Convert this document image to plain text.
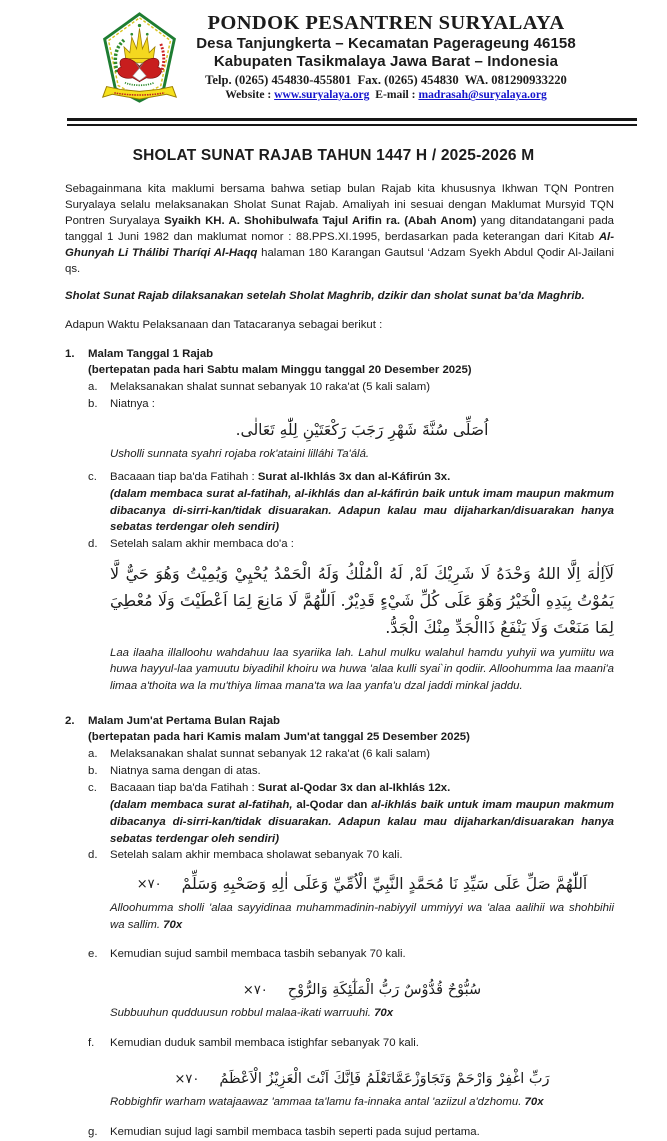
PONDOK PESANTREN SURYALAYA
Desa Tanjungkerta – Kecamatan Pagerageung 46158
Kabupaten Tasikmalaya Jawa Barat – Indonesia
Telp. (0265) 454830-455801  Fax. (0265) 454830  WA. 081290933220
Website : www.suryalaya.org  E-mail : madrasah@suryalaya.org
SHOLAT SUNAT RAJAB TAHUN 1447 H / 2025-2026 M

Sebagainmana kita maklumi bersama bahwa setiap bulan Rajab kita khususnya Ikhwan TQN Pontren Suryalaya selalu melaksanakan Sholat Sunat Rajab. Amaliyah ini sesuai dengan Maklumat Mursyid TQN Pontren Suryalaya Syaikh KH. A. Shohibulwafa Tajul Arifin ra. (Abah Anom) yang ditandatangani pada tanggal 1 Juni 1982 dan maklumat nomor : 88.PPS.XI.1995, berdasarkan pada keterangan dari Kitab Al-Ghunyah Li Thálibi Tharíqi Al-Haqq halaman 180 Karangan Gautsul ‘Adzam Syekh Abdul Qodir Al-Jailani qs.

Sholat Sunat Rajab dilaksanakan setelah Sholat Maghrib, dzikir dan sholat sunat ba’da Maghrib.
Adapun Waktu Pelaksanaan dan Tatacaranya sebagai berikut :
1.	Malam Tanggal 1 Rajab
(bertepatan pada hari Sabtu malam Minggu tanggal 20 Desember 2025)
a.	Melaksanakan shalat sunnat sebanyak 10 raka'at (5 kali salam)
b.	Niatnya :
اُصَلِّى سُنَّةَ شَهْرِ رَجَبَ رَكْعَتَيْنِ لِلّٰهِ تَعَالٰى.
Usholli sunnata syahri rojaba rok'ataini lilláhi Ta'álá.
c.	Bacaaan tiap ba'da Fatihah : Surat al-Ikhlás 3x dan al-Káfirún 3x.
(dalam membaca surat al-fatihah, al-ikhlás dan al-káfirún baik untuk imam maupun makmum dibacanya di-sirri-kan/tidak disuarakan. Adapun kalau mau dijaharkan/disuarakan hanya sebatas terdengar oleh sendiri)
d.	Setelah salam akhir membaca do'a :
لَآاِلٰهَ اِلَّا اللهُ وَحْدَهُ لَا شَرِيْكَ لَهْ, لَهُ الْمُلْكُ وَلَهُ الْحَمْدُ يُحْيِيْ وَيُمِيْتُ وَهُوَ حَيٌّ لَّا يَمُوْتُ بِيَدِهِ الْخَيْرُ وَهُوَ عَلَى كُلِّ شَيْءٍ قَدِيْرٌ. اَللّٰهُمَّ لَا مَانِعَ لِمَا اَعْطَيْتَ وَلَا مُعْطِيَ لِمَا مَنَعْتَ وَلَا يَنْفَعُ ذَاالْجَدِّ مِنْكَ الْجَدُّ.
Laa ilaaha illalloohu wahdahuu laa syariika lah. Lahul mulku walahul hamdu yuhyii wa yumiitu wa huwa hayyul-laa yamuutu biyadihil khoiru wa huwa 'alaa kulli syai`in qodiir. Alloohumma laa maani'a limaa a'thoita wa la mu'thiya limaa mana'ta wa laa yanfa'u dzal jaddi minkal jaddu.
2.	Malam Jum'at Pertama Bulan Rajab
(bertepatan pada hari Kamis malam Jum'at tanggal 25 Desember 2025)
a.	Melaksanakan shalat sunnat sebanyak 12 raka'at (6 kali salam)
b.	Niatnya sama dengan di atas.
c.	Bacaaan tiap ba'da Fatihah : Surat al-Qodar 3x dan al-Ikhlás 12x.
(dalam membaca surat al-fatihah, al-Qodar dan al-ikhlás baik untuk imam maupun makmum dibacanya di-sirri-kan/tidak disuarakan. Adapun kalau mau dijaharkan/disuarakan hanya sebatas terdengar oleh sendiri)
d.	Setelah salam akhir membaca sholawat sebanyak 70 kali.
×٧٠ اَللّٰهُمَّ صَلِّ عَلَى سَيِّدِ نَا مُحَمَّدٍ النَّبِيِّ الْاُمِّيِّ وَعَلَى اٰلِهِ وَصَحْبِهِ وَسَلِّمْ
Alloohumma sholli 'alaa sayyidinaa muhammadinin-nabiyyil ummiyyi wa 'alaa aalihii wa shohbihii wa sallim. 70x
e.	Kemudian sujud sambil membaca tasbih sebanyak 70 kali.
×٧٠ سُبُّوْحٌ قُدُّوْسٌ رَبُّ الْمَلٰٓئِكَةِ وَالرُّوْحِ
Subbuuhun qudduusun robbul malaa-ikati warruuhi. 70x
f.	Kemudian duduk sambil membaca istighfar sebanyak 70 kali.
×٧٠ رَبِّ اغْفِرْ وَارْحَمْ وَتَجَاوَزْعَمَّاتَعْلَمُ فَاِنَّكَ اَنْتَ الْعَزِيْزُ الْاَعْظَمُ
Robbighfir warham watajaawaz 'ammaa ta'lamu fa-innaka antal 'aziizul a'dzhomu. 70x
g.	Kemudian sujud lagi sambil membaca tasbih seperti pada sujud pertama.
